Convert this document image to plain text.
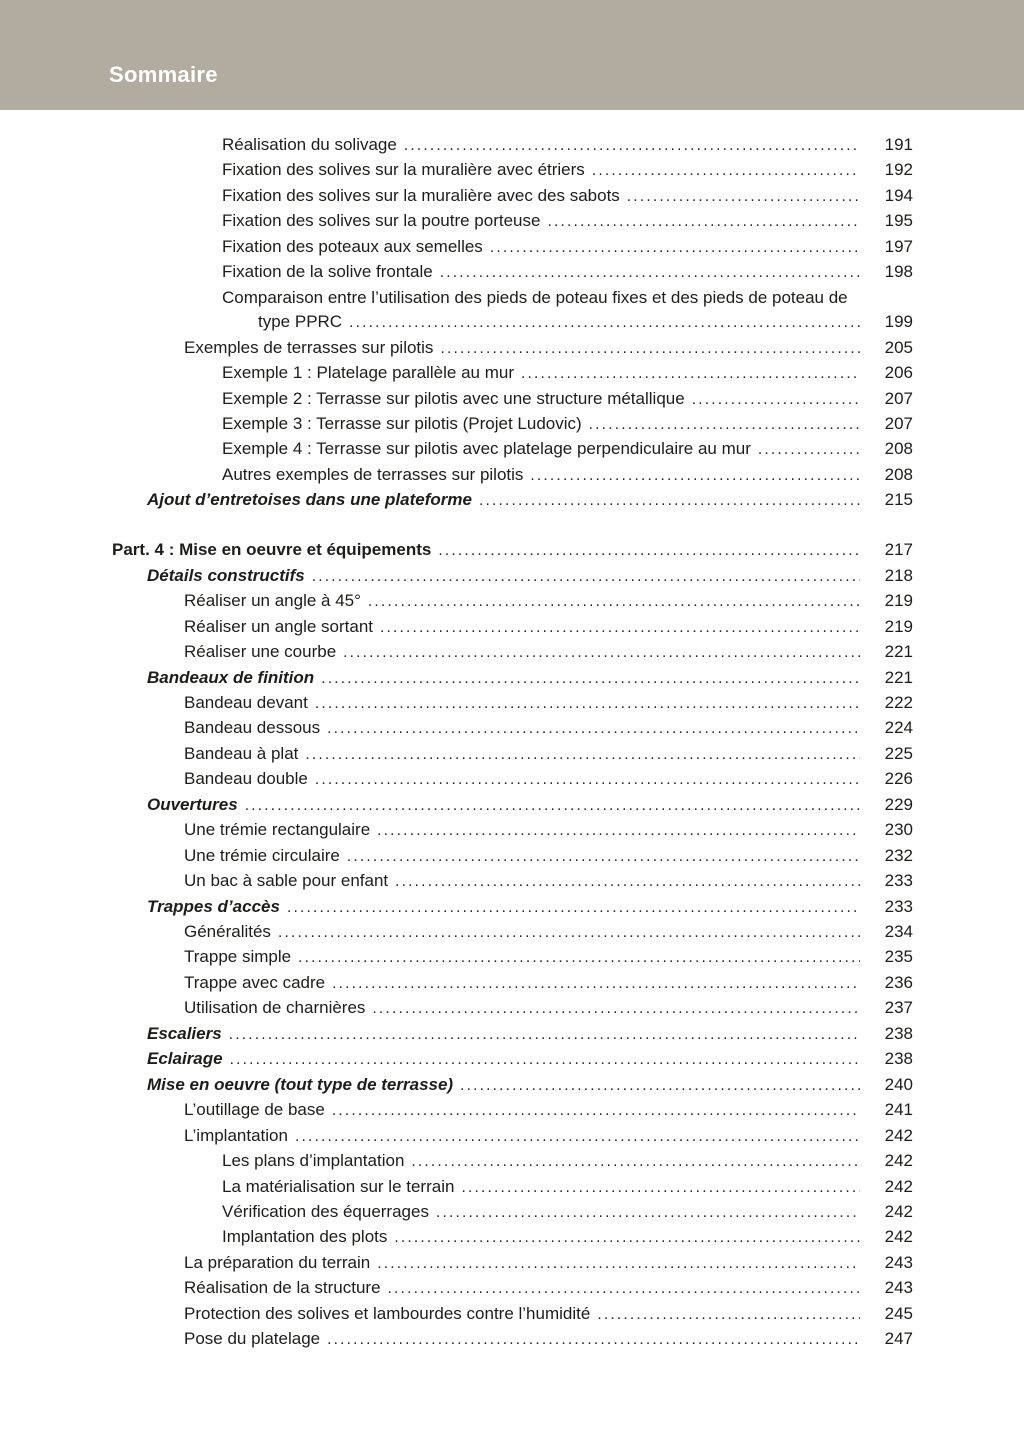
Sommaire
Réalisation du solivage .....	191
Fixation des solives sur la muralière avec étriers .....	192
Fixation des solives sur la muralière avec des sabots .....	194
Fixation des solives sur la poutre porteuse .....	195
Fixation des poteaux aux semelles .....	197
Fixation de la solive frontale .....	198
Comparaison entre l’utilisation des pieds de poteau fixes et des pieds de poteau de
type PPRC .....	199
Exemples de terrasses sur pilotis .....	205
Exemple 1 : Platelage parallèle au mur .....	206
Exemple 2 : Terrasse sur pilotis avec une structure métallique .....	207
Exemple 3 : Terrasse sur pilotis (Projet Ludovic) .....	207
Exemple 4 : Terrasse sur pilotis avec platelage perpendiculaire au mur .....	208
Autres exemples de terrasses sur pilotis .....	208
Ajout d’entretoises dans une plateforme .....	215
Part. 4 : Mise en oeuvre et équipements .....	217
Détails constructifs .....	218
Réaliser un angle à 45° .....	219
Réaliser un angle sortant .....	219
Réaliser une courbe .....	221
Bandeaux de finition .....	221
Bandeau devant .....	222
Bandeau dessous .....	224
Bandeau à plat .....	225
Bandeau double .....	226
Ouvertures .....	229
Une trémie rectangulaire .....	230
Une trémie circulaire .....	232
Un bac à sable pour enfant .....	233
Trappes d’accès .....	233
Généralités .....	234
Trappe simple .....	235
Trappe avec cadre .....	236
Utilisation de charnières .....	237
Escaliers .....	238
Eclairage .....	238
Mise en oeuvre (tout type de terrasse) .....	240
L’outillage de base .....	241
L’implantation .....	242
Les plans d’implantation .....	242
La matérialisation sur le terrain .....	242
Vérification des équerrages .....	242
Implantation des plots .....	242
La préparation du terrain .....	243
Réalisation de la structure .....	243
Protection des solives et lambourdes contre l’humidité .....	245
Pose du platelage .....	247
